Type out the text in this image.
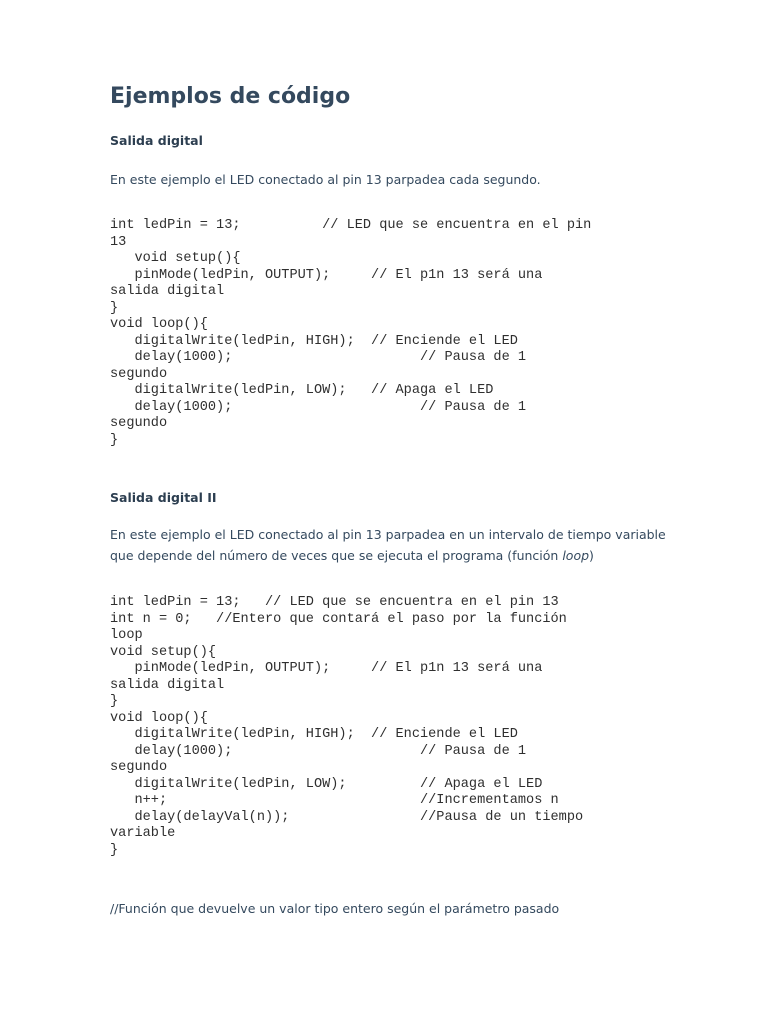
Ejemplos de código
Salida digital

En este ejemplo el LED conectado al pin 13 parpadea cada segundo.

int ledPin = 13;          // LED que se encuentra en el pin
13
void setup(){
pinMode(ledPin, OUTPUT);     // El p1n 13 será una
salida digital
}
void loop(){
digitalWrite(ledPin, HIGH);  // Enciende el LED
delay(1000);                       // Pausa de 1
segundo
digitalWrite(ledPin, LOW);   // Apaga el LED
delay(1000);                       // Pausa de 1
segundo
}
Salida digital II

En este ejemplo el LED conectado al pin 13 parpadea en un intervalo de tiempo variable que depende del número de veces que se ejecuta el programa (función loop)

int ledPin = 13;   // LED que se encuentra en el pin 13
int n = 0;   //Entero que contará el paso por la función
loop
void setup(){
pinMode(ledPin, OUTPUT);     // El p1n 13 será una
salida digital
}
void loop(){
digitalWrite(ledPin, HIGH);  // Enciende el LED
delay(1000);                       // Pausa de 1
segundo
digitalWrite(ledPin, LOW);         // Apaga el LED
n++;                               //Incrementamos n
delay(delayVal(n));                //Pausa de un tiempo
variable
}

//Función que devuelve un valor tipo entero según el parámetro pasado
